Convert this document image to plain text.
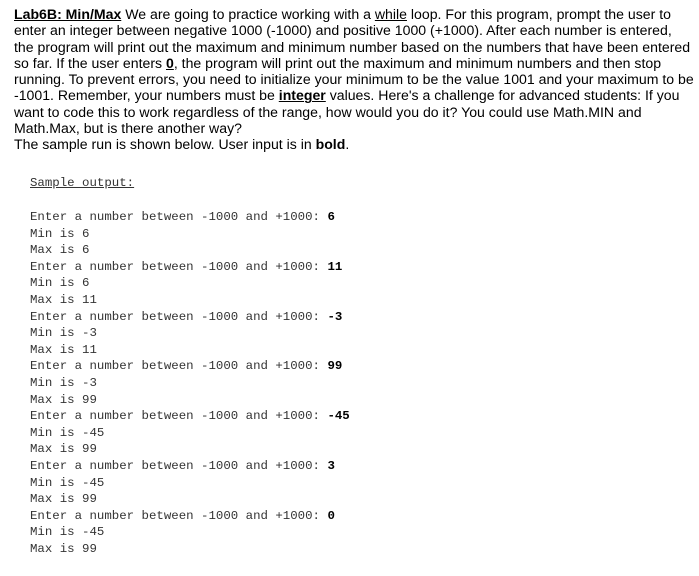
Lab6B: Min/Max We are going to practice working with a while loop. For this program, prompt the user to enter an integer between negative 1000 (-1000) and positive 1000 (+1000). After each number is entered, the program will print out the maximum and minimum number based on the numbers that have been entered so far. If the user enters 0, the program will print out the maximum and minimum numbers and then stop running. To prevent errors, you need to initialize your minimum to be the value 1001 and your maximum to be -1001. Remember, your numbers must be integer values. Here's a challenge for advanced students: If you want to code this to work regardless of the range, how would you do it? You could use Math.MIN and Math.Max, but is there another way?
The sample run is shown below. User input is in bold.

Sample output:
Enter a number between -1000 and +1000: 6
Min is 6
Max is 6
Enter a number between -1000 and +1000: 11
Min is 6
Max is 11
Enter a number between -1000 and +1000: -3
Min is -3
Max is 11
Enter a number between -1000 and +1000: 99
Min is -3
Max is 99
Enter a number between -1000 and +1000: -45
Min is -45
Max is 99
Enter a number between -1000 and +1000: 3
Min is -45
Max is 99
Enter a number between -1000 and +1000: 0
Min is -45
Max is 99
